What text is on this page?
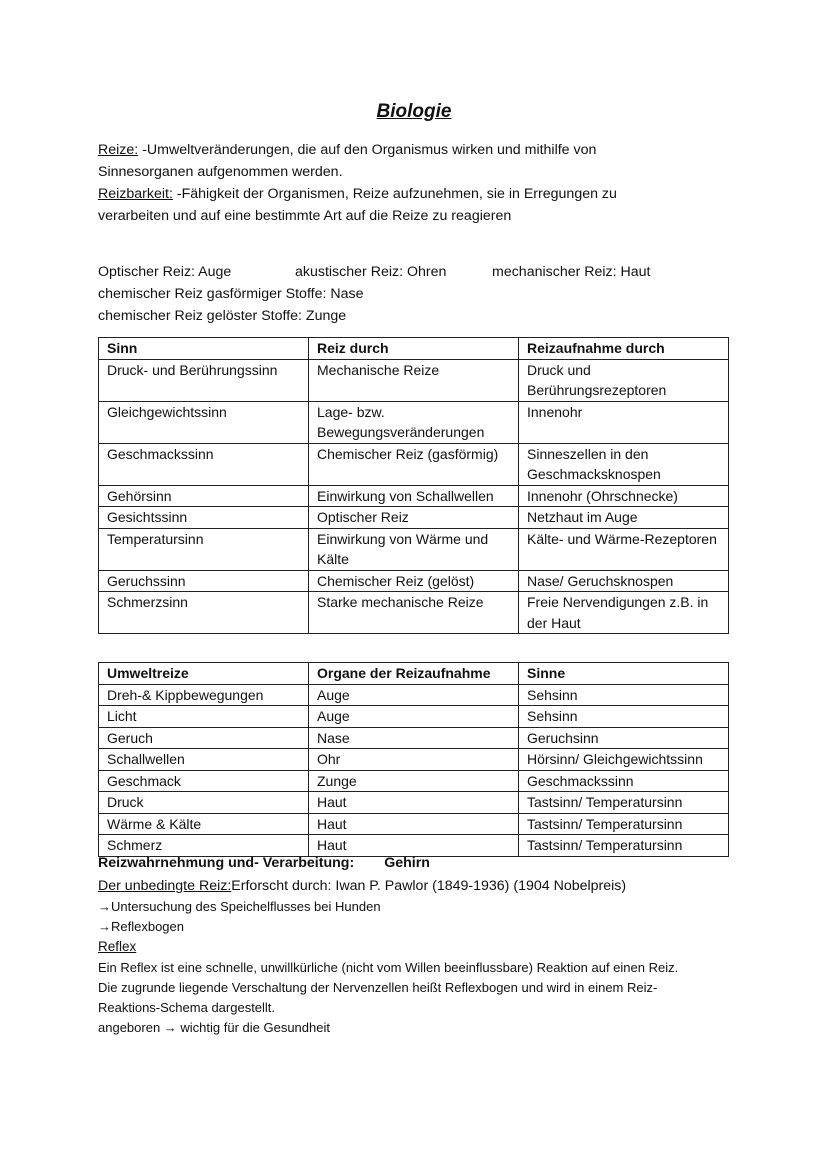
Biologie
Reize: -Umweltveränderungen, die auf den Organismus wirken und mithilfe von
Sinnesorganen aufgenommen werden.
Reizbarkeit: -Fähigkeit der Organismen, Reize aufzunehmen, sie in Erregungen zu
verarbeiten und auf eine bestimmte Art auf die Reize zu reagieren
Optischer Reiz: Auge	akustischer Reiz: Ohren	mechanischer Reiz: Haut
chemischer Reiz gasförmiger Stoffe: Nase
chemischer Reiz gelöster Stoffe: Zunge
Sinn	Reiz durch	Reizaufnahme durch
Druck- und Berührungssinn	Mechanische Reize	Druck und Berührungsrezeptoren
Gleichgewichtssinn	Lage- bzw. Bewegungsveränderungen	Innenohr
Geschmackssinn	Chemischer Reiz (gasförmig)	Sinneszellen in den Geschmacksknospen
Gehörsinn	Einwirkung von Schallwellen	Innenohr (Ohrschnecke)
Gesichtssinn	Optischer Reiz	Netzhaut im Auge
Temperatursinn	Einwirkung von Wärme und Kälte	Kälte- und Wärme-Rezeptoren
Geruchssinn	Chemischer Reiz (gelöst)	Nase/ Geruchsknospen
Schmerzsinn	Starke mechanische Reize	Freie Nervendigungen z.B. in der Haut
Umweltreize	Organe der Reizaufnahme	Sinne
Dreh-& Kippbewegungen	Auge	Sehsinn
Licht	Auge	Sehsinn
Geruch	Nase	Geruchsinn
Schallwellen	Ohr	Hörsinn/ Gleichgewichtssinn
Geschmack	Zunge	Geschmackssinn
Druck	Haut	Tastsinn/ Temperatursinn
Wärme & Kälte	Haut	Tastsinn/ Temperatursinn
Schmerz	Haut	Tastsinn/ Temperatursinn
Reizwahrnehmung und- Verarbeitung: Gehirn
Der unbedingte Reiz:Erforscht durch: Iwan P. Pawlor (1849-1936) (1904 Nobelpreis)
→Untersuchung des Speichelflusses bei Hunden
→Reflexbogen
Reflex
Ein Reflex ist eine schnelle, unwillkürliche (nicht vom Willen beeinflussbare) Reaktion auf einen Reiz.
Die zugrunde liegende Verschaltung der Nervenzellen heißt Reflexbogen und wird in einem Reiz-
Reaktions-Schema dargestellt.
angeboren → wichtig für die Gesundheit
